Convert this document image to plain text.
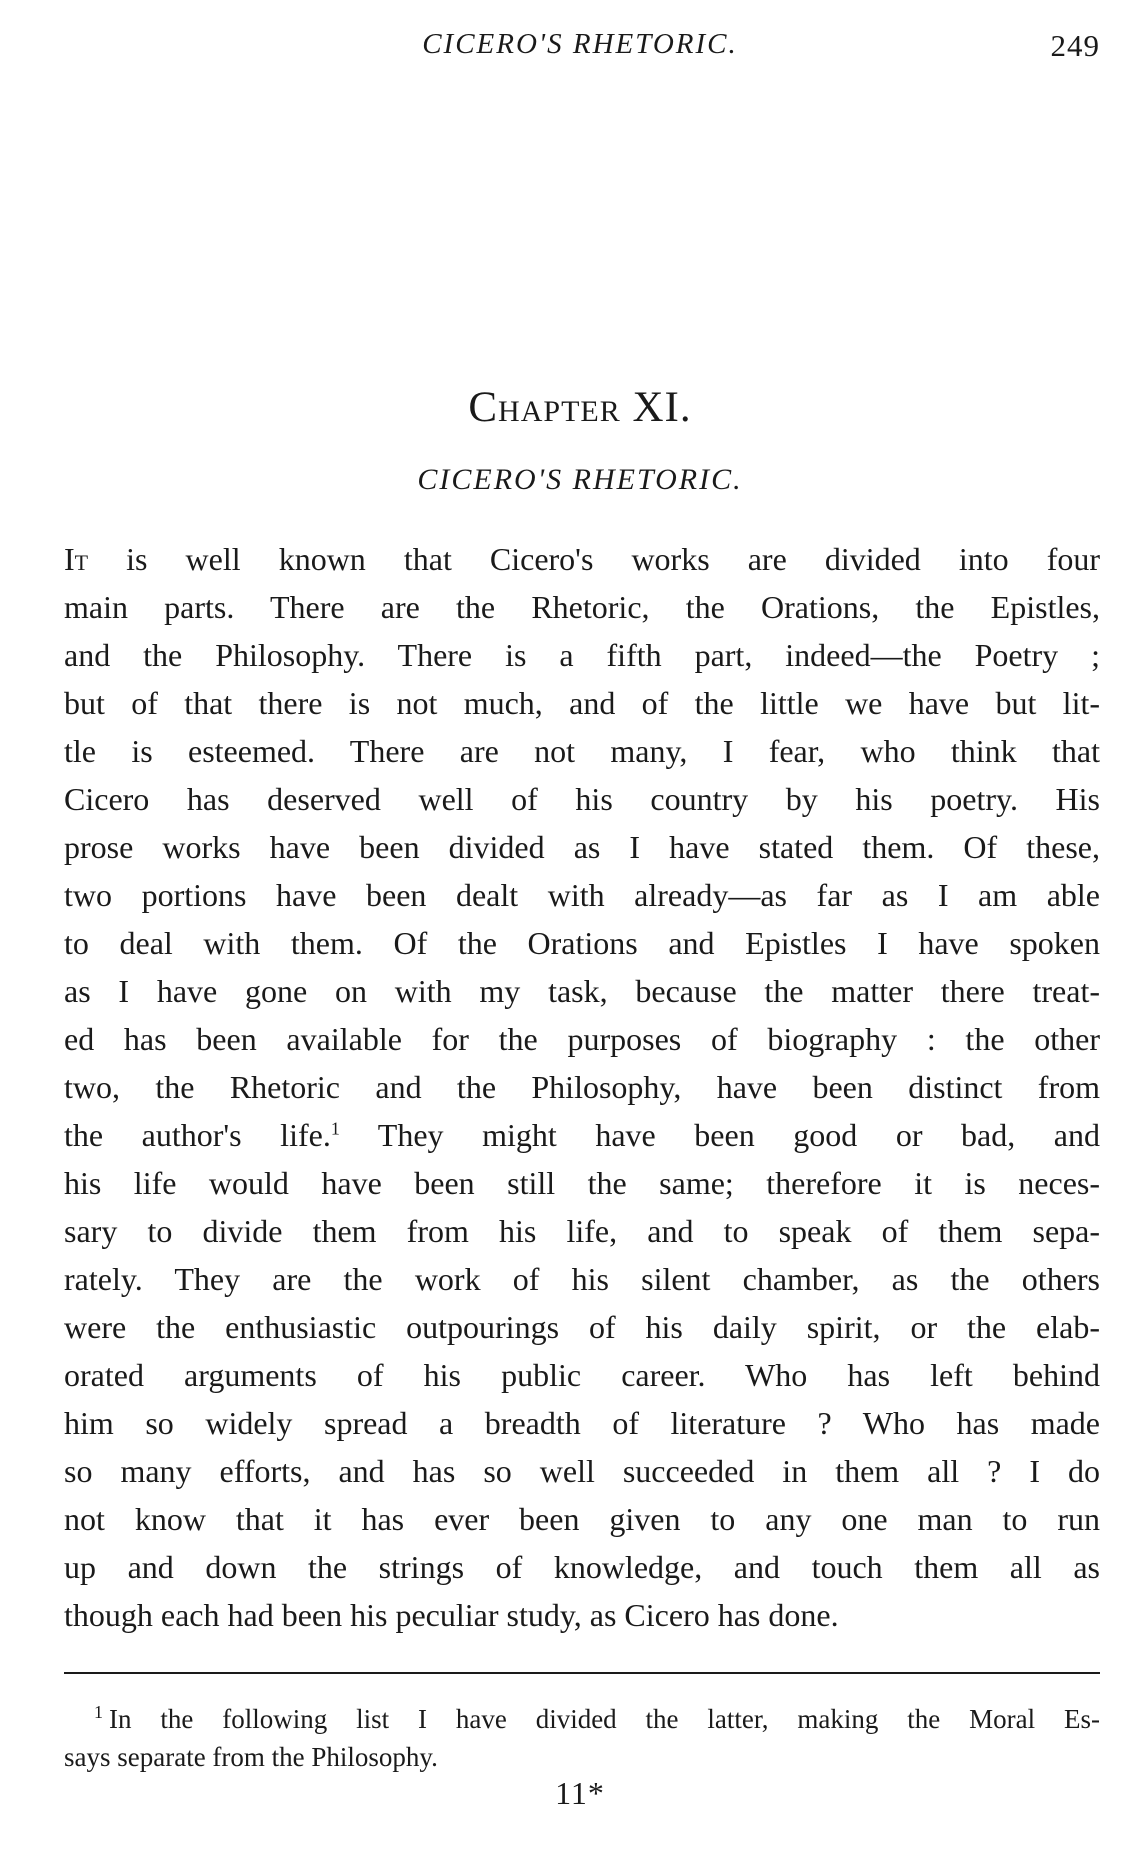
CICERO'S RHETORIC.	249
Chapter XI.
CICERO'S RHETORIC.
It is well known that Cicero's works are divided into four
main parts. There are the Rhetoric, the Orations, the Epistles,
and the Philosophy. There is a fifth part, indeed—the Poetry ;
but of that there is not much, and of the little we have but lit-
tle is esteemed. There are not many, I fear, who think that
Cicero has deserved well of his country by his poetry. His
prose works have been divided as I have stated them. Of these,
two portions have been dealt with already—as far as I am able
to deal with them. Of the Orations and Epistles I have spoken
as I have gone on with my task, because the matter there treat-
ed has been available for the purposes of biography : the other
two, the Rhetoric and the Philosophy, have been distinct from
the author's life.$^1$ They might have been good or bad, and
his life would have been still the same; therefore it is neces-
sary to divide them from his life, and to speak of them sepa-
rately. They are the work of his silent chamber, as the others
were the enthusiastic outpourings of his daily spirit, or the elab-
orated arguments of his public career. Who has left behind
him so widely spread a breadth of literature ? Who has made
so many efforts, and has so well succeeded in them all ? I do
not know that it has ever been given to any one man to run
up and down the strings of knowledge, and touch them all as
though each had been his peculiar study, as Cicero has done.
$^1$ In the following list I have divided the latter, making the Moral Es-
says separate from the Philosophy.
11*
